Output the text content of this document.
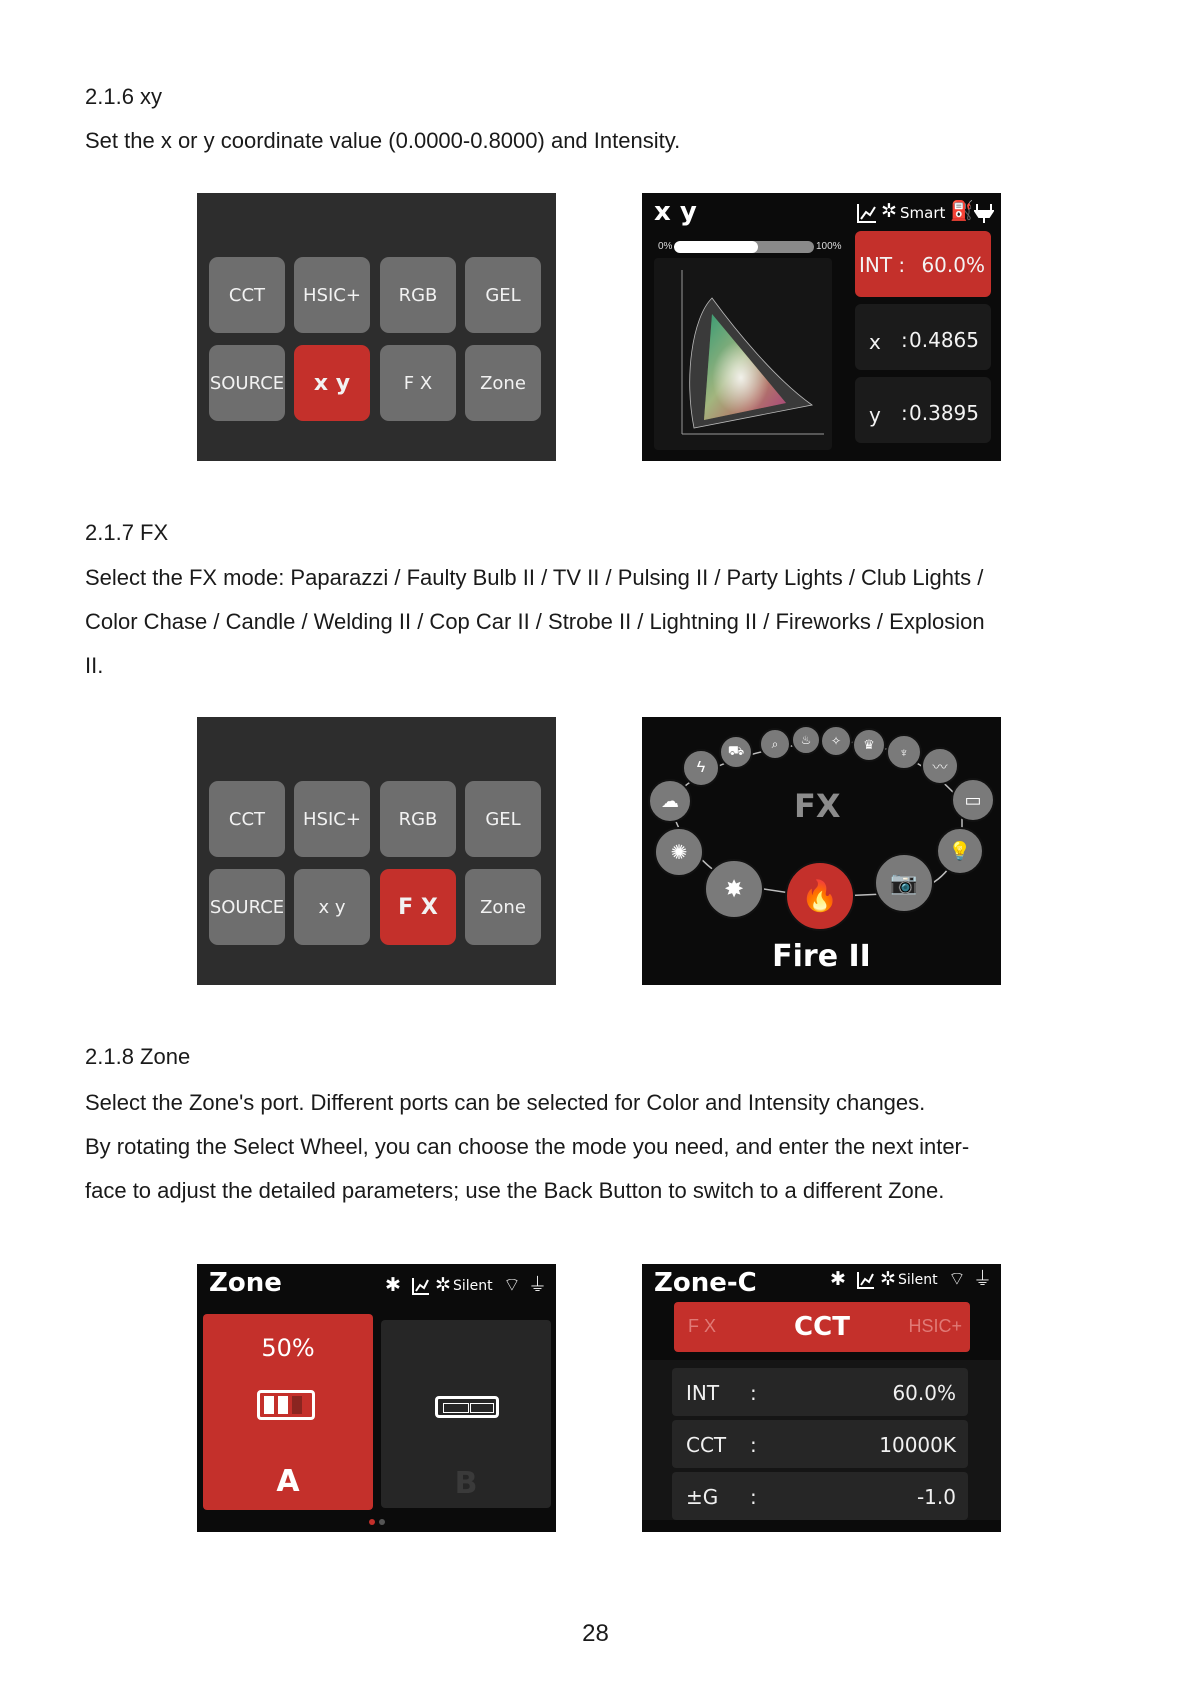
2.1.6 xy
Set the x or y coordinate value (0.0000-0.8000) and Intensity.
CCT	HSIC+	RGB	GEL
SOURCE	x y	F X	Zone
x y	✲ Smart ⛽
0%	100%
INT : 60.0%
x : 0.4865
y : 0.3895
2.1.7 FX
Select the FX mode: Paparazzi / Faulty Bulb II / TV II / Pulsing II / Party Lights / Club Lights /
Color Chase / Candle / Welding II / Cop Car II / Strobe II / Lightning II / Fireworks / Explosion
II.
CCT	HSIC+	RGB	GEL
SOURCE	x y	F X	Zone
☁
✺
✸
ϟ
⛟	⌕	♨	✧	♛	♆
〰
▭
💡
📷
🔥
FX
Fire II
2.1.8 Zone
Select the Zone's port. Different ports can be selected for Color and Intensity changes.
By rotating the Select Wheel, you can choose the mode you need, and enter the next inter-
face to adjust the detailed parameters; use the Back Button to switch to a different Zone.
Zone	✱ ✲ Silent ⌔ ⏚
50%
A	B
Zone-C	✱ ✲ Silent ⌔ ⏚
F X	CCT	HSIC+
INT :	60.0%
CCT :	10000K
±G :	-1.0
28
